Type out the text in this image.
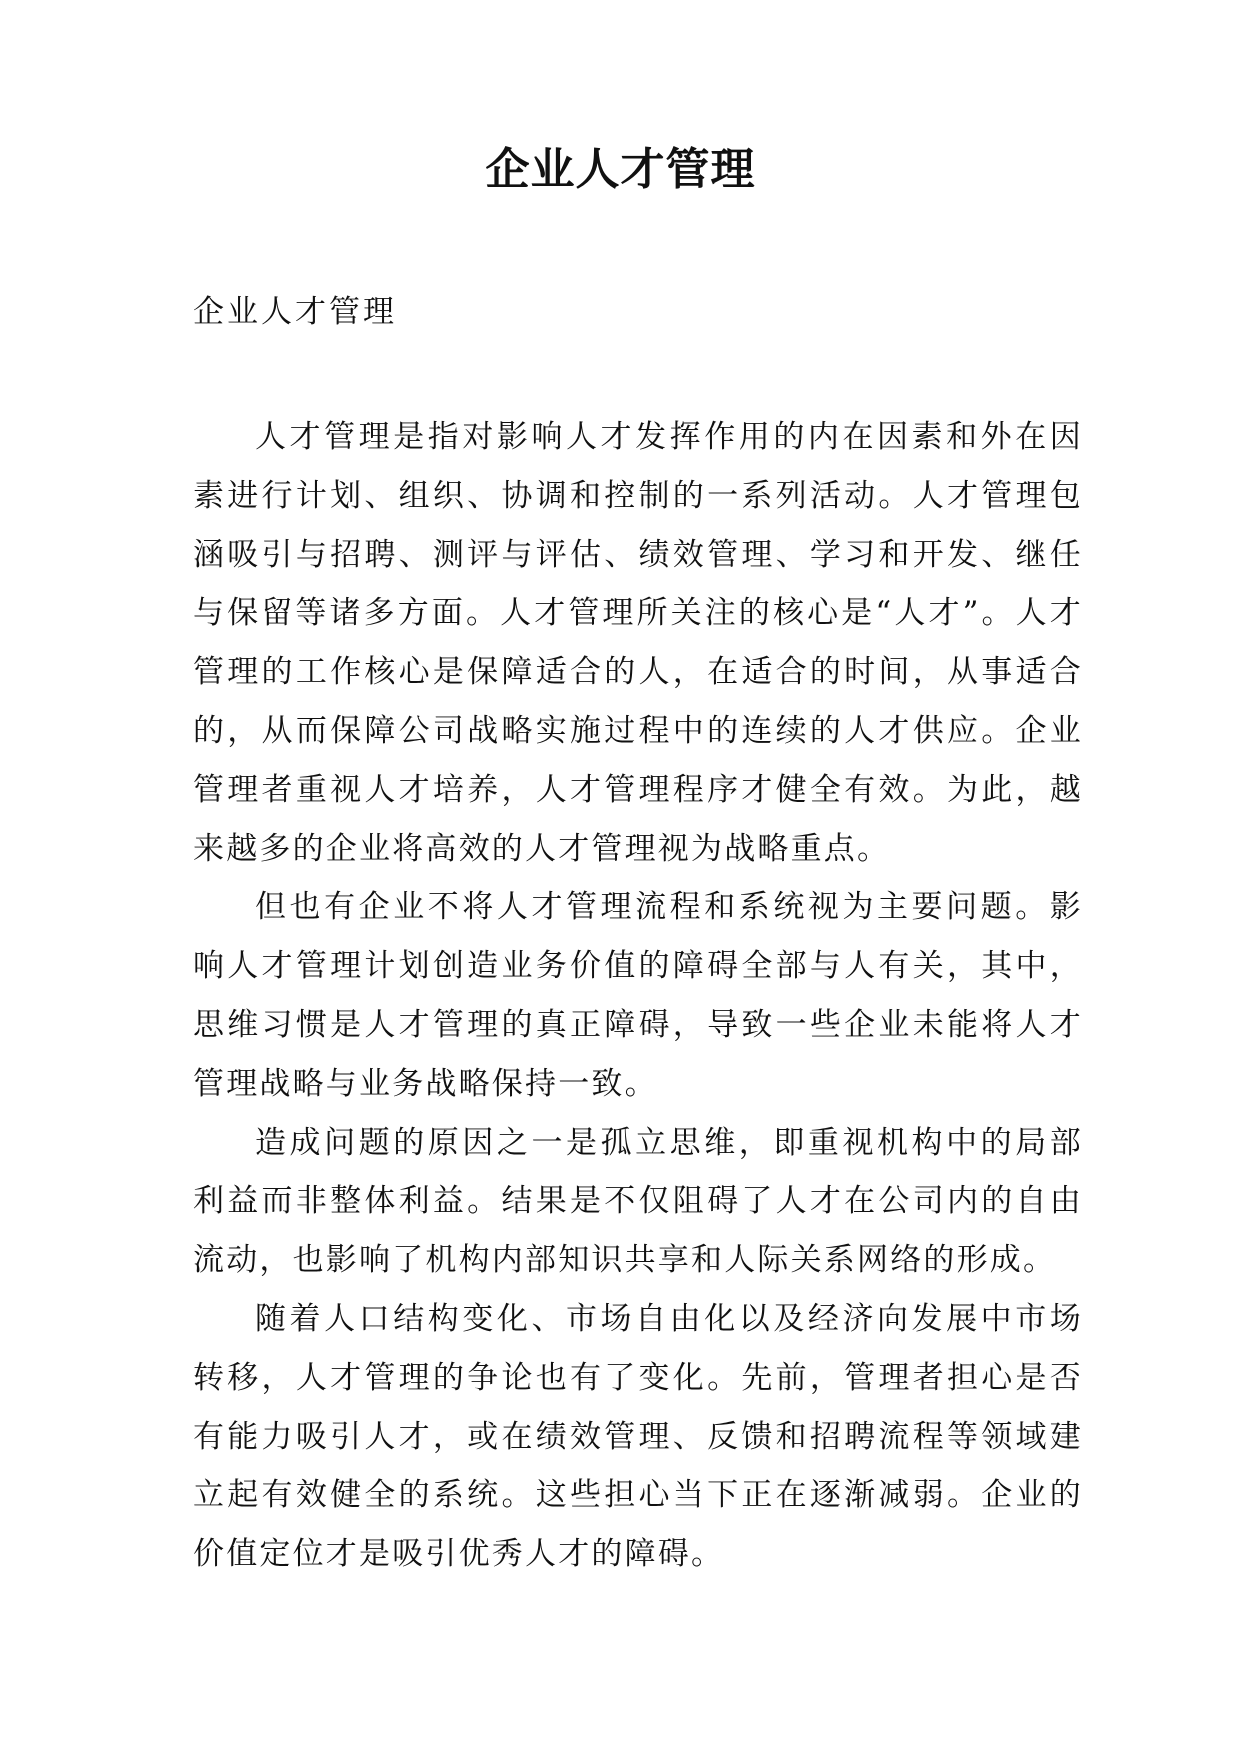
企业人才管理

企业人才管理

人才管理是指对影响人才发挥作用的内在因素和外在因素进行计划、组织、协调和控制的一系列活动。人才管理包涵吸引与招聘、测评与评估、绩效管理、学习和开发、继任与保留等诸多方面。人才管理所关注的核心是“人才”。人才管理的工作核心是保障适合的人，在适合的时间，从事适合的，从而保障公司战略实施过程中的连续的人才供应。企业管理者重视人才培养，人才管理程序才健全有效。为此，越来越多的企业将高效的人才管理视为战略重点。

但也有企业不将人才管理流程和系统视为主要问题。影响人才管理计划创造业务价值的障碍全部与人有关，其中，思维习惯是人才管理的真正障碍，导致一些企业未能将人才管理战略与业务战略保持一致。

造成问题的原因之一是孤立思维，即重视机构中的局部利益而非整体利益。结果是不仅阻碍了人才在公司内的自由流动，也影响了机构内部知识共享和人际关系网络的形成。

随着人口结构变化、市场自由化以及经济向发展中市场转移，人才管理的争论也有了变化。先前，管理者担心是否有能力吸引人才，或在绩效管理、反馈和招聘流程等领域建立起有效健全的系统。这些担心当下正在逐渐减弱。企业的价值定位才是吸引优秀人才的障碍。
